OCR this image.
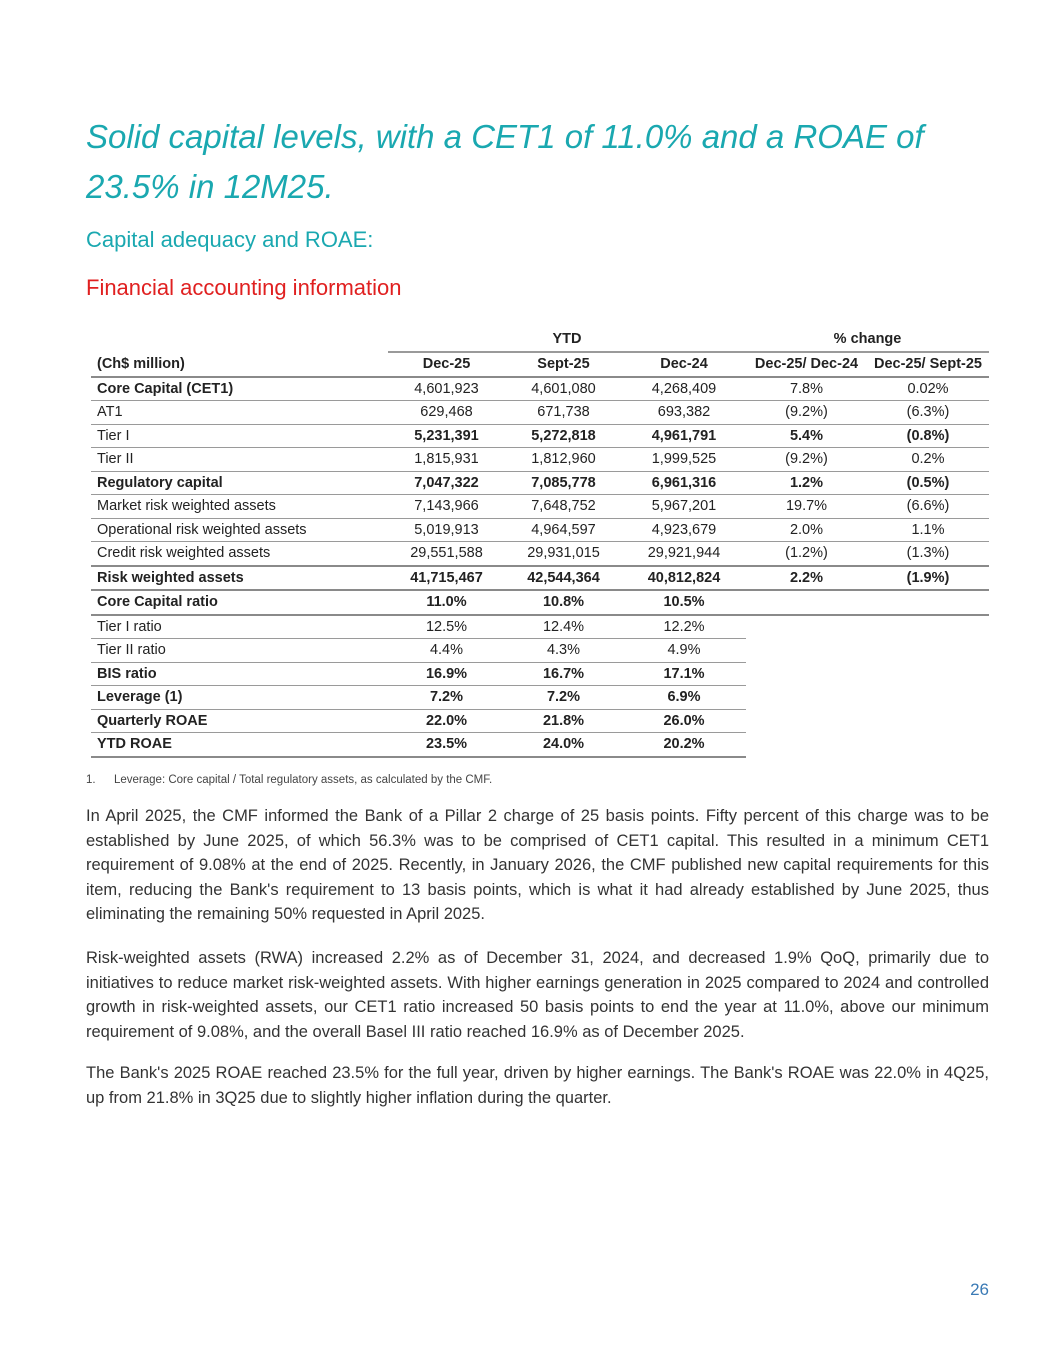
Solid capital levels, with a CET1 of 11.0% and a ROAE of 23.5% in 12M25.
Capital adequacy and ROAE:
Financial accounting information
	YTD			% change	
(Ch$ million)	Dec-25	Sept-25	Dec-24	Dec-25/ Dec-24	Dec-25/ Sept-25
Core Capital (CET1)	4,601,923	4,601,080	4,268,409	7.8%	0.02%
AT1	629,468	671,738	693,382	(9.2%)	(6.3%)
Tier I	5,231,391	5,272,818	4,961,791	5.4%	(0.8%)
Tier II	1,815,931	1,812,960	1,999,525	(9.2%)	0.2%
Regulatory capital	7,047,322	7,085,778	6,961,316	1.2%	(0.5%)
Market risk weighted assets	7,143,966	7,648,752	5,967,201	19.7%	(6.6%)
Operational risk weighted assets	5,019,913	4,964,597	4,923,679	2.0%	1.1%
Credit risk weighted assets	29,551,588	29,931,015	29,921,944	(1.2%)	(1.3%)
Risk weighted assets	41,715,467	42,544,364	40,812,824	2.2%	(1.9%)
Core Capital ratio	11.0%	10.8%	10.5%		
Tier I ratio	12.5%	12.4%	12.2%		
Tier II ratio	4.4%	4.3%	4.9%		
BIS ratio	16.9%	16.7%	17.1%		
Leverage (1)	7.2%	7.2%	6.9%		
Quarterly ROAE	22.0%	21.8%	26.0%		
YTD ROAE	23.5%	24.0%	20.2%		
1. Leverage: Core capital / Total regulatory assets, as calculated by the CMF.

In April 2025, the CMF informed the Bank of a Pillar 2 charge of 25 basis points. Fifty percent of this charge was to be established by June 2025, of which 56.3% was to be comprised of CET1 capital. This resulted in a minimum CET1 requirement of 9.08% at the end of 2025. Recently, in January 2026, the CMF published new capital requirements for this item, reducing the Bank's requirement to 13 basis points, which is what it had already established by June 2025, thus eliminating the remaining 50% requested in April 2025.

Risk-weighted assets (RWA) increased 2.2% as of December 31, 2024, and decreased 1.9% QoQ, primarily due to initiatives to reduce market risk-weighted assets. With higher earnings generation in 2025 compared to 2024 and controlled growth in risk-weighted assets, our CET1 ratio increased 50 basis points to end the year at 11.0%, above our minimum requirement of 9.08%, and the overall Basel III ratio reached 16.9% as of December 2025.

The Bank's 2025 ROAE reached 23.5% for the full year, driven by higher earnings. The Bank's ROAE was 22.0% in 4Q25, up from 21.8% in 3Q25 due to slightly higher inflation during the quarter.

26
